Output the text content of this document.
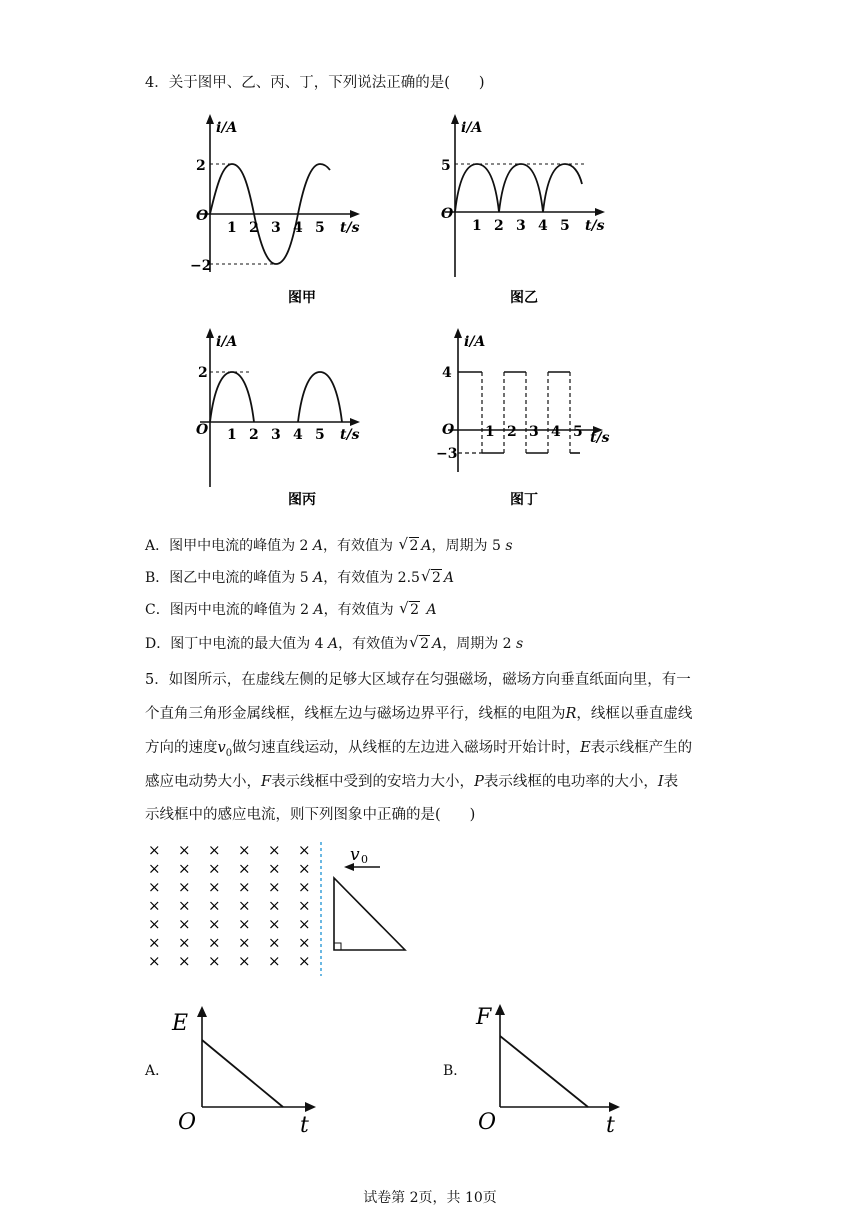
4．关于图甲、乙、丙、丁，下列说法正确的是(　　)
i/A
2
−2
O
1 2 3 4 5 t/s
图甲
i/A
5
O
1 2 3 4 5 t/s
图乙
i/A
2
O 1 2 3 4 5 t/s
图丙
i/A
4
−3
O 1 2 3 4 5 t/s
图丁
A．图甲中电流的峰值为 2 A，有效值为 √ 2 A，周期为 5 s
B．图乙中电流的峰值为 5 A，有效值为 2.5 √ 2 A
C．图丙中电流的峰值为 2 A，有效值为 √ 2 A
D．图丁中电流的最大值为 4 A，有效值为 √ 2 A，周期为 2 s
5．如图所示，在虚线左侧的足够大区域存在匀强磁场，磁场方向垂直纸面向里，有一
个直角三角形金属线框，线框左边与磁场边界平行，线框的电阻为R，线框以垂直虚线
方向的速度$v_0$做匀速直线运动，从线框的左边进入磁场时开始计时，E表示线框产生的
感应电动势大小，F表示线框中受到的安培力大小，P表示线框的电功率的大小，I表
示线框中的感应电流，则下列图象中正确的是(　　)
× × × × × ×
× × × × × ×
× × × × × ×
× × × × × ×
× × × × × ×
× × × × × ×
× × × × × ×
v 0
A．
E
O	t
B．
F
O	t
试卷第 2页，共 10页
